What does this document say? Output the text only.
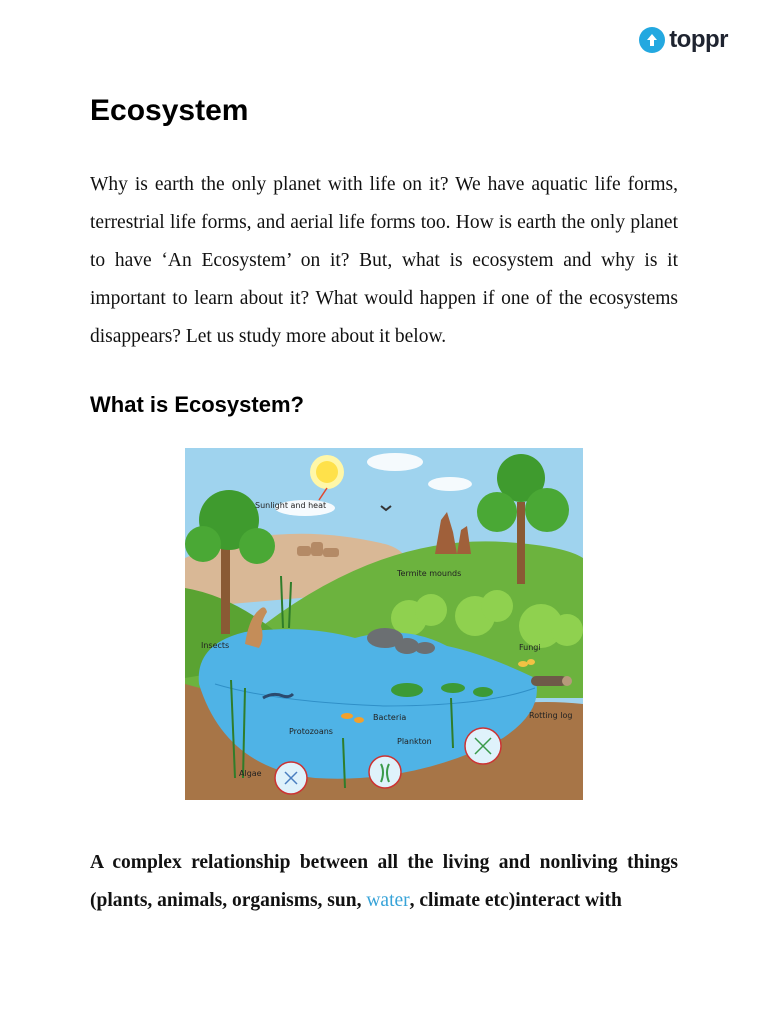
toppr
Ecosystem

Why is earth the only planet with life on it? We have aquatic life forms, terrestrial life forms, and aerial life forms too. How is earth the only planet to have ‘An Ecosystem’ on it? But, what is ecosystem and why is it important to learn about it? What would happen if one of the ecosystems disappears? Let us study more about it below.

What is Ecosystem?
Sunlight and heat
Termite mounds
Insects	Fungi
Bacteria
Protozoans
Plankton
Rotting log
Algae

A complex relationship between all the living and nonliving things (plants, animals, organisms, sun, water, climate etc)interact with
